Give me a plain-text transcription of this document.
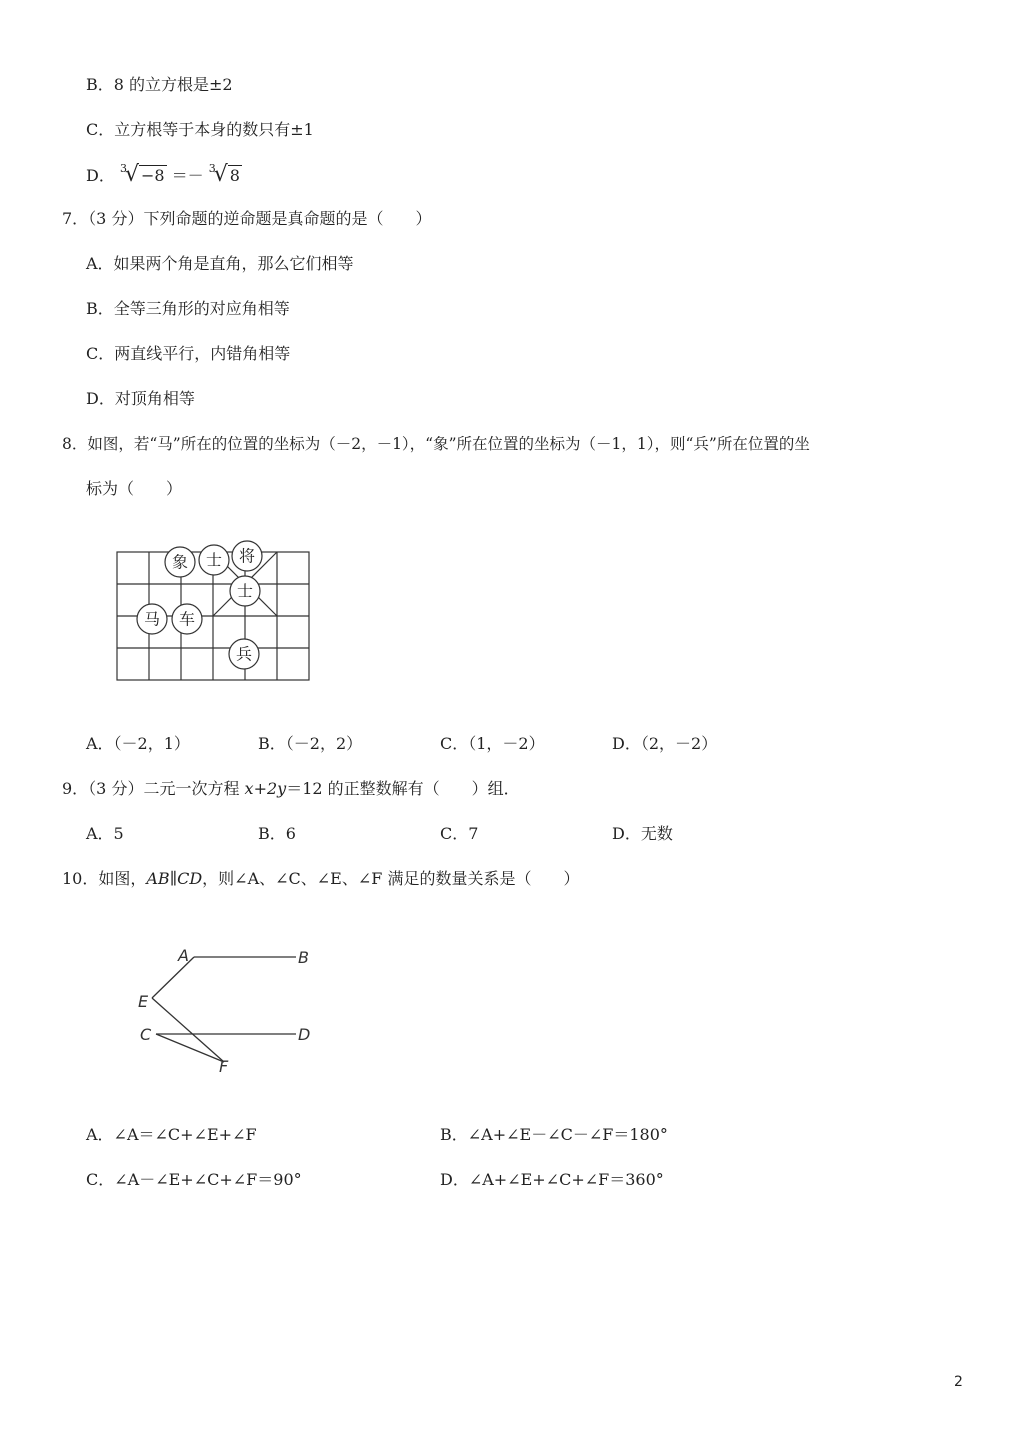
B．8 的立方根是±2
C．立方根等于本身的数只有±1
D． $^3$√ −8 ＝－ $^3$√ 8
7．（3 分）下列命题的逆命题是真命题的是（　　）
A．如果两个角是直角，那么它们相等
B．全等三角形的对应角相等
C．两直线平行，内错角相等
D．对顶角相等
8．如图，若“马”所在的位置的坐标为（－2，－1），“象”所在位置的坐标为（－1，1），则“兵”所在位置的坐
标为（　　）
象 士 将
士
马 车
兵
A．（－2，1）	B．（－2，2）	C．（1，－2）	D．（2，－2）
9．（3 分）二元一次方程 x+2y＝12 的正整数解有（　　）组．
A．5	B．6	C．7	D．无数
10．如图，AB∥CD，则∠A、∠C、∠E、∠F 满足的数量关系是（　　）
A	B
E
C	D
F
A．∠A＝∠C+∠E+∠F	B．∠A+∠E－∠C－∠F＝180°
C．∠A－∠E+∠C+∠F＝90°	D．∠A+∠E+∠C+∠F＝360°
2
